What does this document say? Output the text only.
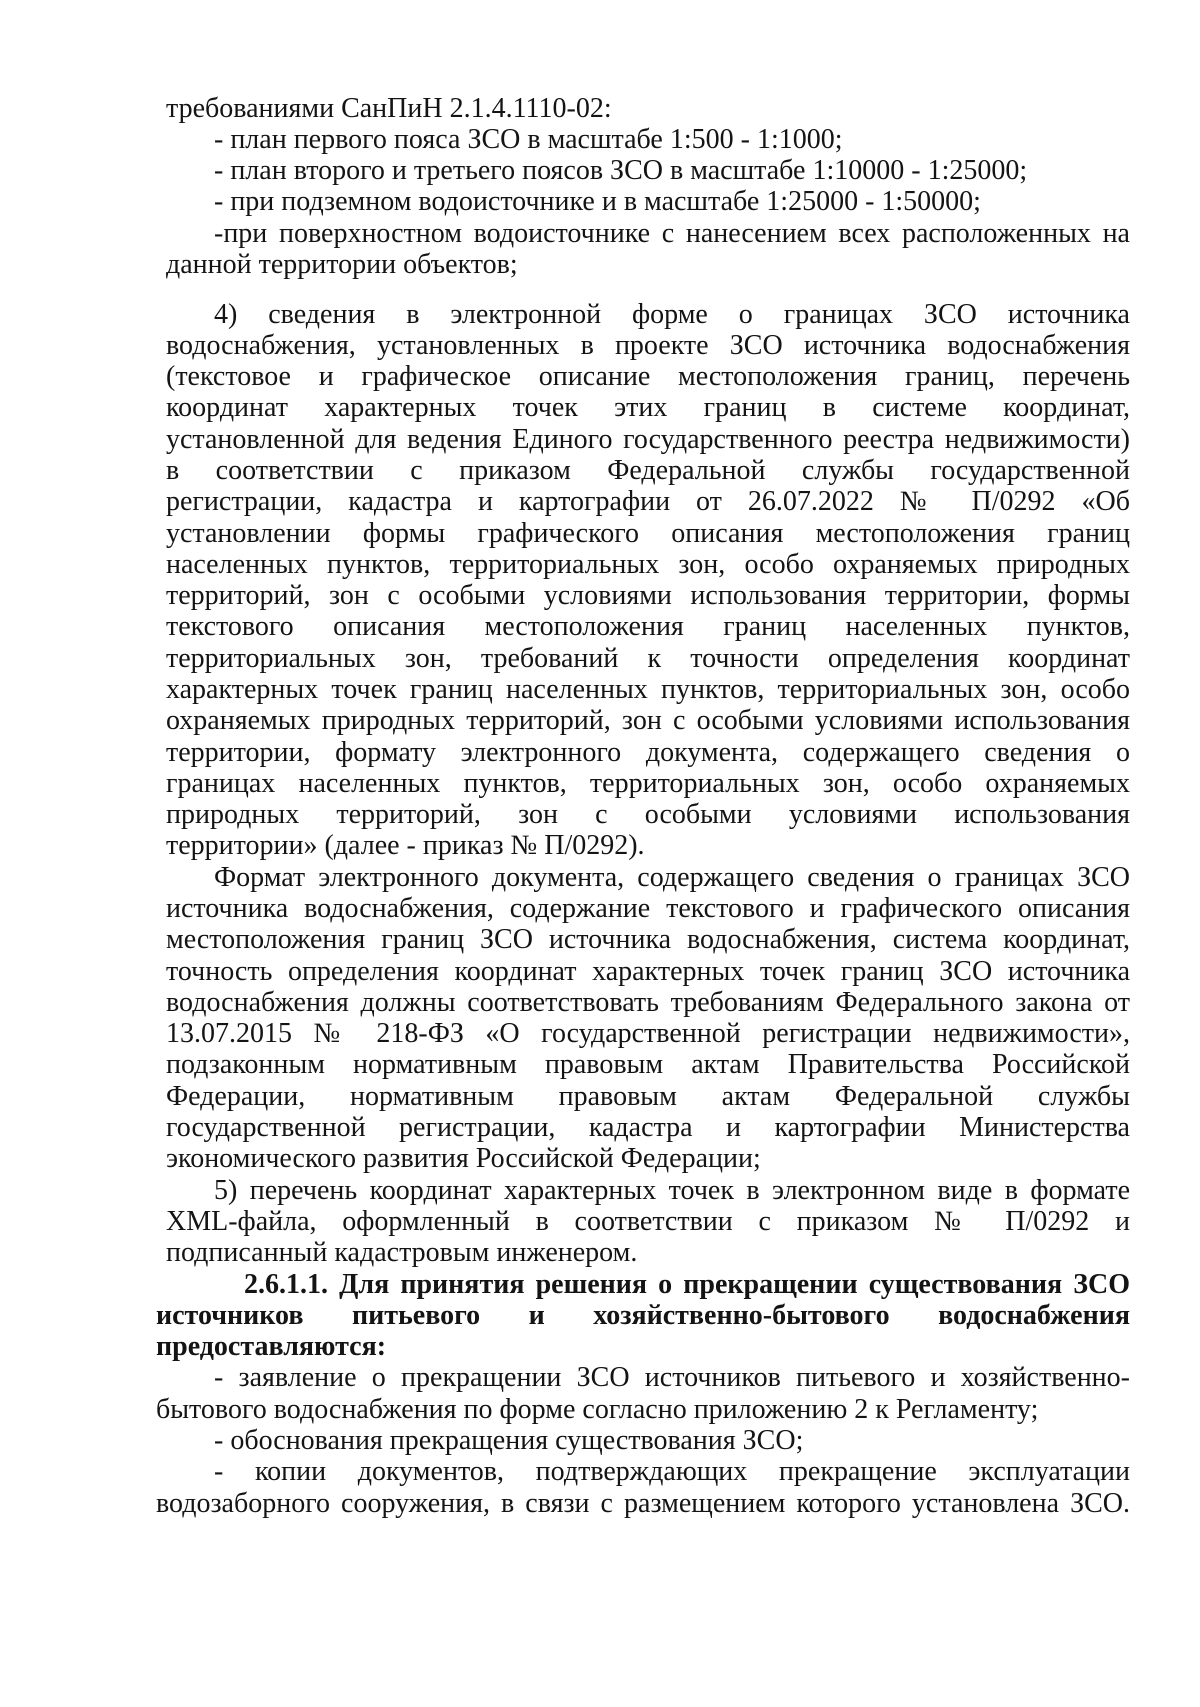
требованиями СанПиН 2.1.4.1110-02:

- план первого пояса ЗСО в масштабе 1:500 - 1:1000;

- план второго и третьего поясов ЗСО в масштабе 1:10000 - 1:25000;

- при подземном водоисточнике и в масштабе 1:25000 - 1:50000;

-при поверхностном водоисточнике с нанесением всех расположенных на

данной территории объектов;

4) сведения в электронной форме о границах ЗСО источника

водоснабжения, установленных в проекте ЗСО источника водоснабжения

(текстовое и графическое описание местоположения границ, перечень

координат характерных точек этих границ в системе координат,

установленной для ведения Единого государственного реестра недвижимости)

в соответствии с приказом Федеральной службы государственной

регистрации, кадастра и картографии от 26.07.2022 № П/0292 «Об

установлении формы графического описания местоположения границ

населенных пунктов, территориальных зон, особо охраняемых природных

территорий, зон с особыми условиями использования территории, формы

текстового описания местоположения границ населенных пунктов,

территориальных зон, требований к точности определения координат

характерных точек границ населенных пунктов, территориальных зон, особо

охраняемых природных территорий, зон с особыми условиями использования

территории, формату электронного документа, содержащего сведения о

границах населенных пунктов, территориальных зон, особо охраняемых

природных территорий, зон с особыми условиями использования

территории» (далее - приказ № П/0292).

Формат электронного документа, содержащего сведения о границах ЗСО

источника водоснабжения, содержание текстового и графического описания

местоположения границ ЗСО источника водоснабжения, система координат,

точность определения координат характерных точек границ ЗСО источника

водоснабжения должны соответствовать требованиям Федерального закона от

13.07.2015 № 218-ФЗ «О государственной регистрации недвижимости»,

подзаконным нормативным правовым актам Правительства Российской

Федерации, нормативным правовым актам Федеральной службы

государственной регистрации, кадастра и картографии Министерства

экономического развития Российской Федерации;

5) перечень координат характерных точек в электронном виде в формате

XML-файла, оформленный в соответствии с приказом № П/0292 и

подписанный кадастровым инженером.

2.6.1.1. Для принятия решения о прекращении существования ЗСО

источников питьевого и хозяйственно-бытового водоснабжения

предоставляются:

- заявление о прекращении ЗСО источников питьевого и хозяйственно-

бытового водоснабжения по форме согласно приложению 2 к Регламенту;

- обоснования прекращения существования ЗСО;

- копии документов, подтверждающих прекращение эксплуатации

водозаборного сооружения, в связи с размещением которого установлена ЗСО.
